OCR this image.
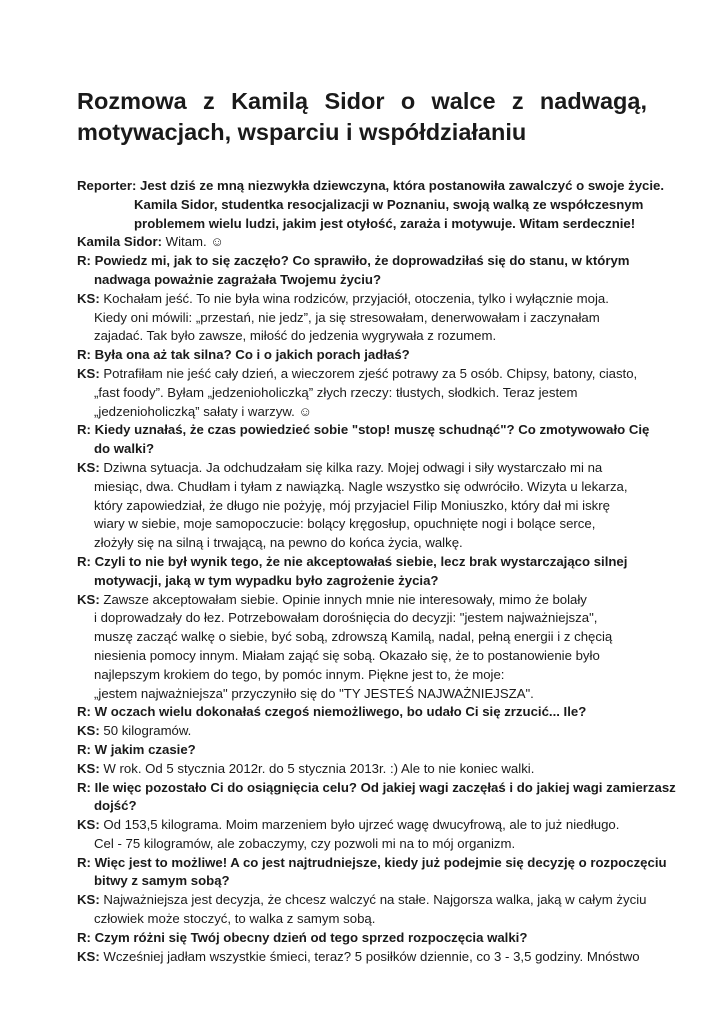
Rozmowa z Kamilą Sidor o walce z nadwagą, motywacjach, wsparciu i współdziałaniu
Reporter: Jest dziś ze mną niezwykła dziewczyna, która postanowiła zawalczyć o swoje życie.
Kamila Sidor, studentka resocjalizacji w Poznaniu, swoją walką ze współczesnym
problemem wielu ludzi, jakim jest otyłość, zaraża i motywuje. Witam serdecznie!
Kamila Sidor: Witam. ☺
R: Powiedz mi, jak to się zaczęło? Co sprawiło, że doprowadziłaś się do stanu, w którym
nadwaga poważnie zagrażała Twojemu życiu?
KS: Kochałam jeść. To nie była wina rodziców, przyjaciół, otoczenia, tylko i wyłącznie moja.
Kiedy oni mówili: „przestań, nie jedz”, ja się stresowałam, denerwowałam i zaczynałam
zajadać. Tak było zawsze, miłość do jedzenia wygrywała z rozumem.
R: Była ona aż tak silna? Co i o jakich porach jadłaś?
KS: Potrafiłam nie jeść cały dzień, a wieczorem zjeść potrawy za 5 osób. Chipsy, batony, ciasto,
„fast foody”. Byłam „jedzenioholiczką” złych rzeczy: tłustych, słodkich. Teraz jestem
„jedzenioholiczką” sałaty i warzyw. ☺
R: Kiedy uznałaś, że czas powiedzieć sobie "stop! muszę schudnąć"? Co zmotywowało Cię
do walki?
KS: Dziwna sytuacja. Ja odchudzałam się kilka razy. Mojej odwagi i siły wystarczało mi na
miesiąc, dwa. Chudłam i tyłam z nawiązką. Nagle wszystko się odwróciło. Wizyta u lekarza,
który zapowiedział, że długo nie pożyję, mój przyjaciel Filip Moniuszko, który dał mi iskrę
wiary w siebie, moje samopoczucie: bolący kręgosłup, opuchnięte nogi i bolące serce,
złożyły się na silną i trwającą, na pewno do końca życia, walkę.
R: Czyli to nie był wynik tego, że nie akceptowałaś siebie, lecz brak wystarczająco silnej
motywacji, jaką w tym wypadku było zagrożenie życia?
KS: Zawsze akceptowałam siebie. Opinie innych mnie nie interesowały, mimo że bolały
i doprowadzały do łez. Potrzebowałam dorośnięcia do decyzji: "jestem najważniejsza",
muszę zacząć walkę o siebie, być sobą, zdrowszą Kamilą, nadal, pełną energii i z chęcią
niesienia pomocy innym. Miałam zająć się sobą. Okazało się, że to postanowienie było
najlepszym krokiem do tego, by pomóc innym. Piękne jest to, że moje:
„jestem najważniejsza" przyczyniło się do "TY JESTEŚ NAJWAŻNIEJSZA".
R: W oczach wielu dokonałaś czegoś niemożliwego, bo udało Ci się zrzucić... Ile?
KS: 50 kilogramów.
R: W jakim czasie?
KS: W rok. Od 5 stycznia 2012r. do 5 stycznia 2013r. :) Ale to nie koniec walki.
R: Ile więc pozostało Ci do osiągnięcia celu? Od jakiej wagi zaczęłaś i do jakiej wagi zamierzasz
dojść?
KS: Od 153,5 kilograma. Moim marzeniem było ujrzeć wagę dwucyfrową, ale to już niedługo.
Cel - 75 kilogramów, ale zobaczymy, czy pozwoli mi na to mój organizm.
R: Więc jest to możliwe! A co jest najtrudniejsze, kiedy już podejmie się decyzję o rozpoczęciu
bitwy z samym sobą?
KS: Najważniejsza jest decyzja, że chcesz walczyć na stałe. Najgorsza walka, jaką w całym życiu
człowiek może stoczyć, to walka z samym sobą.
R: Czym różni się Twój obecny dzień od tego sprzed rozpoczęcia walki?
KS: Wcześniej jadłam wszystkie śmieci, teraz? 5 posiłków dziennie, co 3 - 3,5 godziny. Mnóstwo
